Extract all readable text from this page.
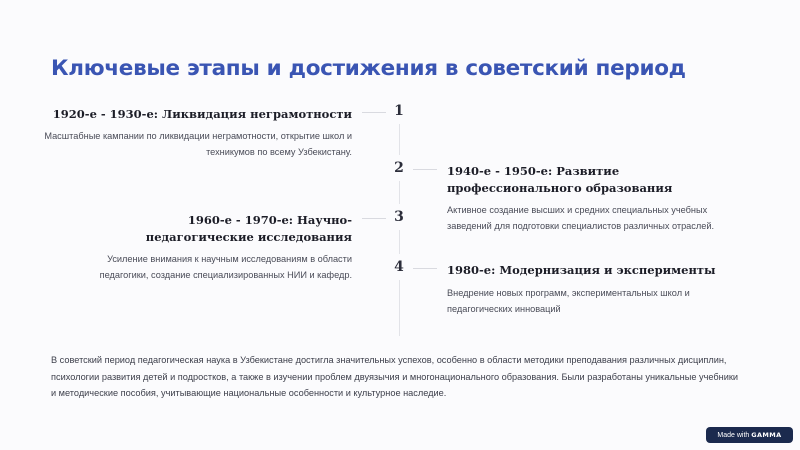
Ключевые этапы и достижения в советский период
1
1920-е - 1930-е: Ликвидация неграмотности
Масштабные кампании по ликвидации неграмотности, открытие школ и техникумов по всему Узбекистану.
2	1940-е - 1950-е: Развитие профессионального образования
Активное создание высших и средних специальных учебных заведений для подготовки специалистов различных отраслей.
3
1960-е - 1970-е: Научно-педагогические исследования
Усиление внимания к научным исследованиям в области педагогики, создание специализированных НИИ и кафедр.	4	1980-е: Модернизация и эксперименты
Внедрение новых программ, экспериментальных школ и педагогических инноваций
В советский период педагогическая наука в Узбекистане достигла значительных успехов, особенно в области методики преподавания различных дисциплин, психологии развития детей и подростков, а также в изучении проблем двуязычия и многонационального образования. Были разработаны уникальные учебники и методические пособия, учитывающие национальные особенности и культурное наследие.
Made with GAMMA
